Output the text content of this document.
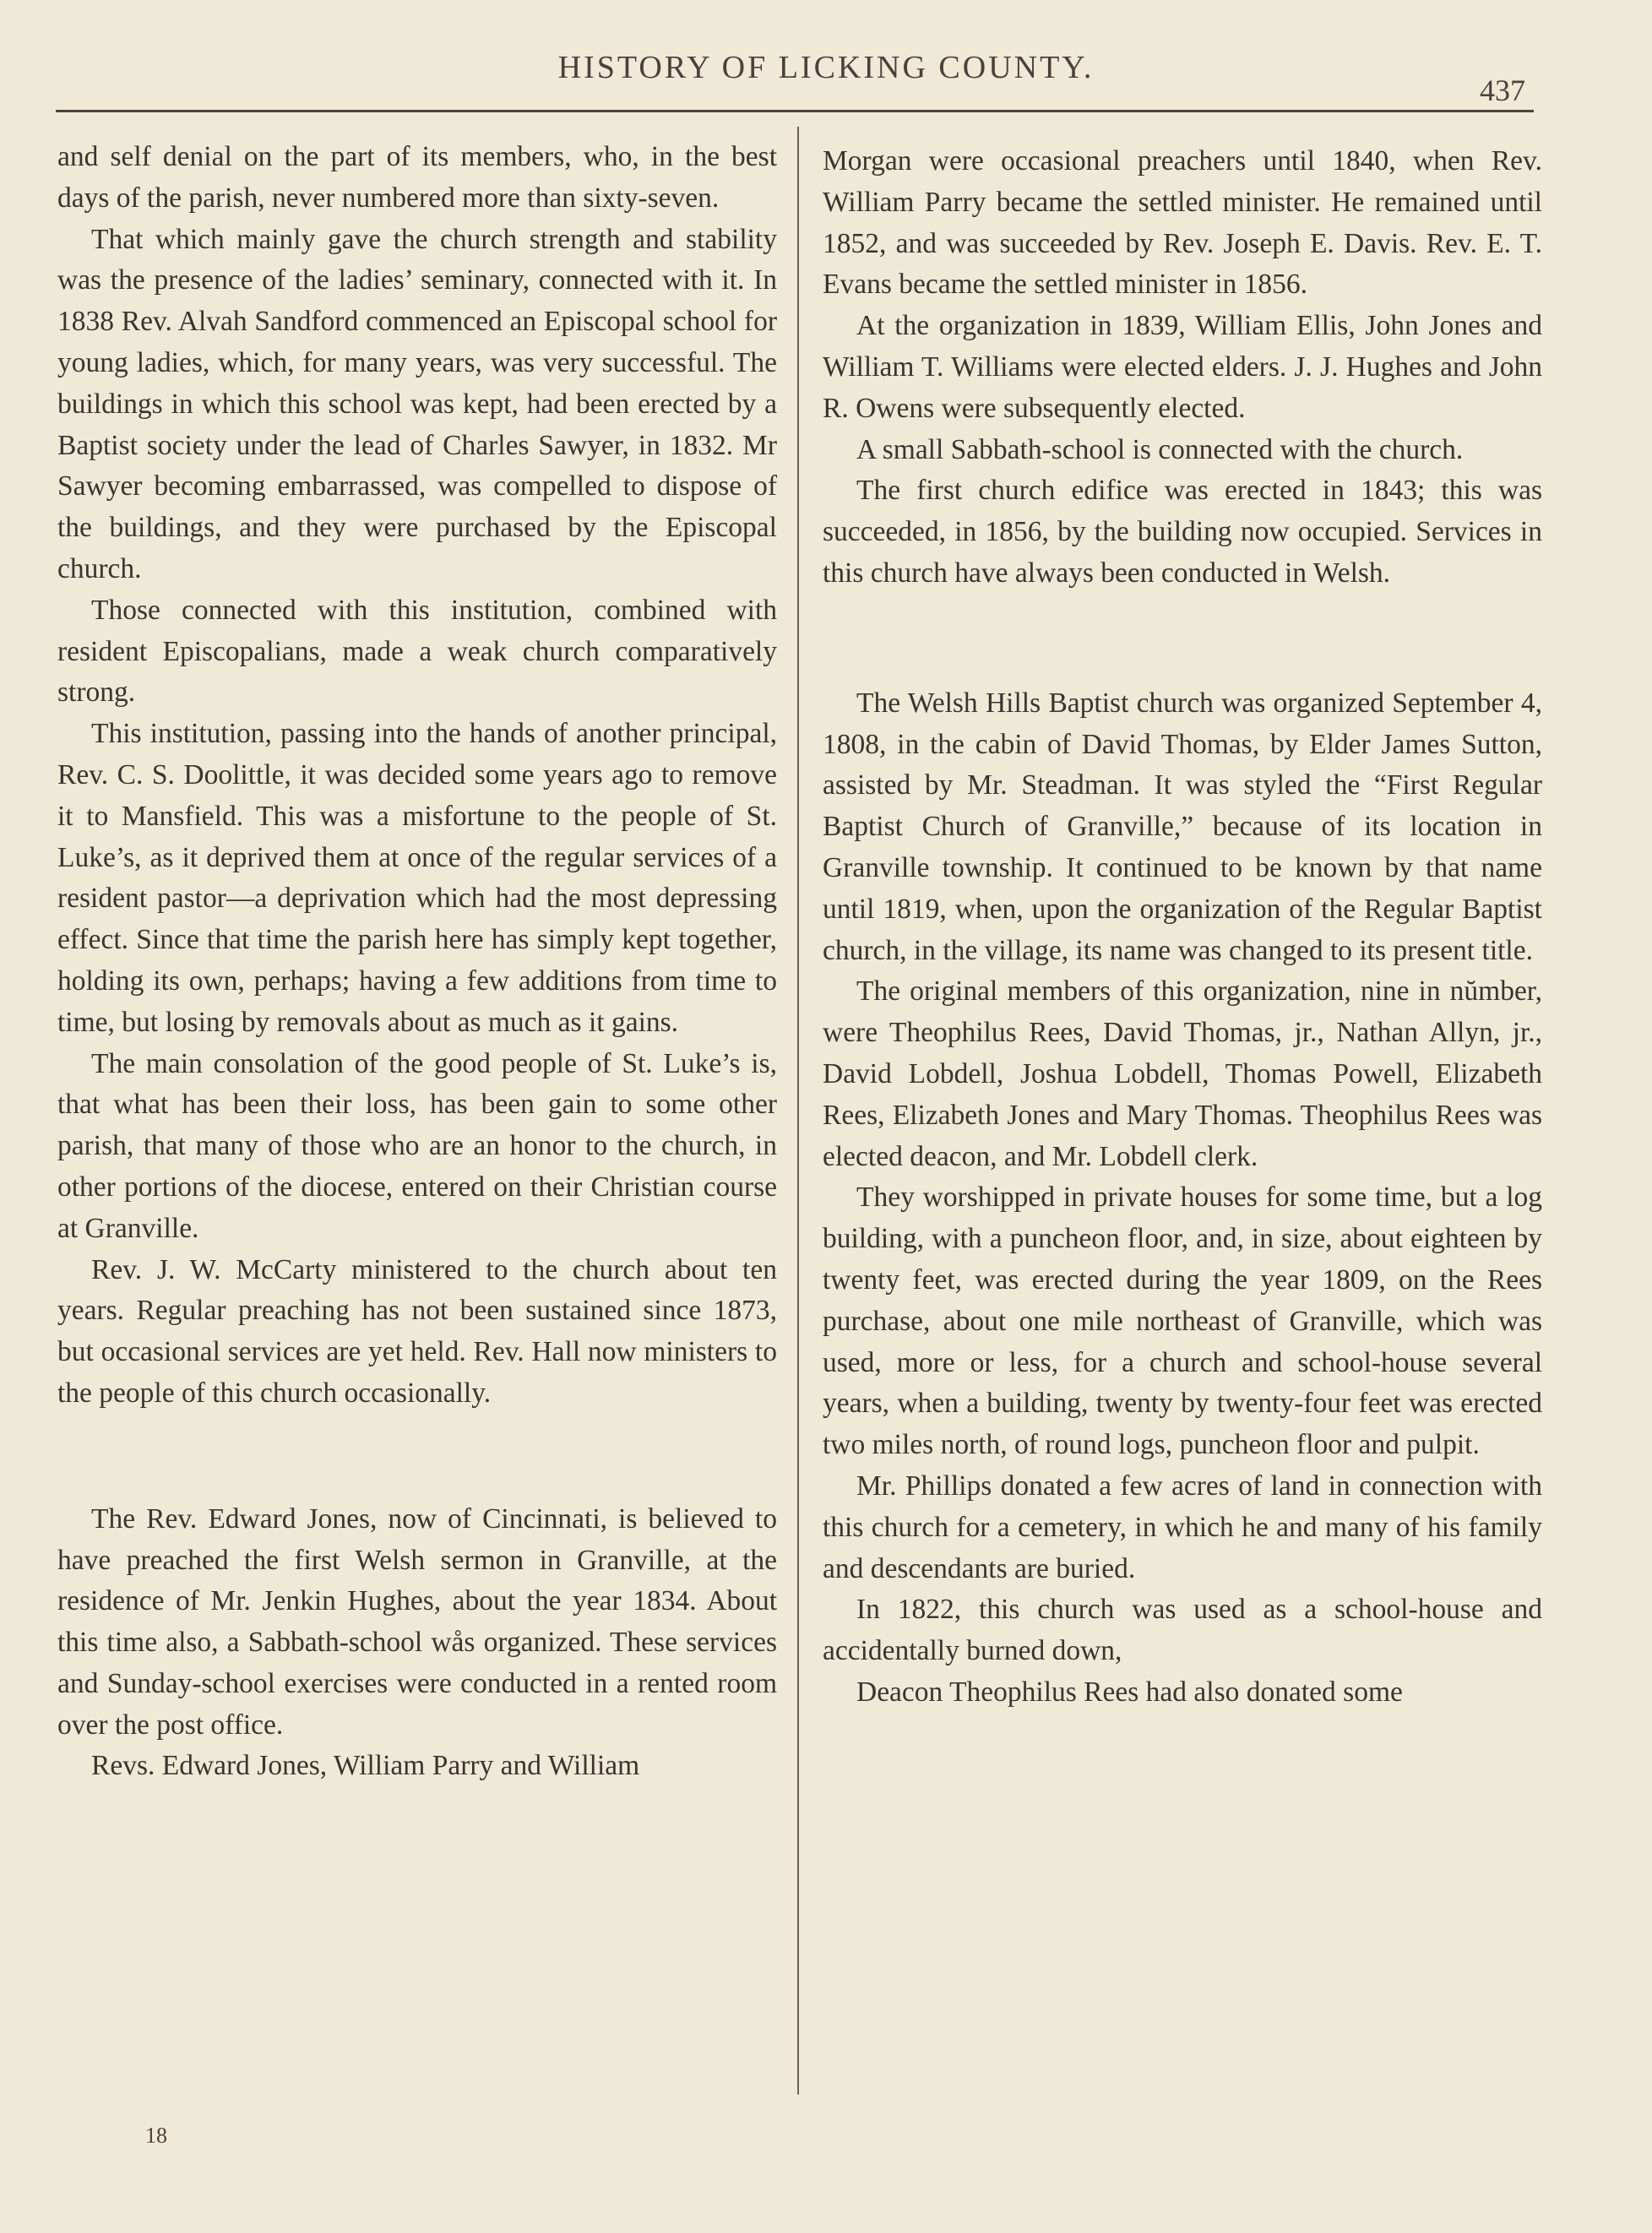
HISTORY OF LICKING COUNTY.
437

and self denial on the part of its members, who, in the best days of the parish, never numbered more than sixty-seven.

That which mainly gave the church strength and stability was the presence of the ladies’ seminary, connected with it. In 1838 Rev. Alvah Sandford commenced an Episcopal school for young ladies, which, for many years, was very successful. The buildings in which this school was kept, had been erected by a Baptist society under the lead of Charles Sawyer, in 1832. Mr Sawyer becoming embarrassed, was compelled to dispose of the buildings, and they were purchased by the Episcopal church.

Those connected with this institution, combined with resident Episcopalians, made a weak church comparatively strong.

This institution, passing into the hands of another principal, Rev. C. S. Doolittle, it was decided some years ago to remove it to Mansfield. This was a misfortune to the people of St. Luke’s, as it deprived them at once of the regular services of a resident pastor—a deprivation which had the most depressing effect. Since that time the parish here has simply kept together, holding its own, perhaps; having a few additions from time to time, but losing by removals about as much as it gains.

The main consolation of the good people of St. Luke’s is, that what has been their loss, has been gain to some other parish, that many of those who are an honor to the church, in other portions of the diocese, entered on their Christian course at Granville.

Rev. J. W. McCarty ministered to the church about ten years. Regular preaching has not been sustained since 1873, but occasional services are yet held. Rev. Hall now ministers to the people of this church occasionally.

The Rev. Edward Jones, now of Cincinnati, is believed to have preached the first Welsh sermon in Granville, at the residence of Mr. Jenkin Hughes, about the year 1834. About this time also, a Sabbath-school wås organized. These services and Sunday-school exercises were conducted in a rented room over the post office.

Revs. Edward Jones, William Parry and William

Morgan were occasional preachers until 1840, when Rev. William Parry became the settled minister. He remained until 1852, and was succeeded by Rev. Joseph E. Davis. Rev. E. T. Evans became the settled minister in 1856.

At the organization in 1839, William Ellis, John Jones and William T. Williams were elected elders. J. J. Hughes and John R. Owens were subsequently elected.

A small Sabbath-school is connected with the church.

The first church edifice was erected in 1843; this was succeeded, in 1856, by the building now occupied. Services in this church have always been conducted in Welsh.

The Welsh Hills Baptist church was organized September 4, 1808, in the cabin of David Thomas, by Elder James Sutton, assisted by Mr. Steadman. It was styled the “First Regular Baptist Church of Granville,” because of its location in Granville township. It continued to be known by that name until 1819, when, upon the organization of the Regular Baptist church, in the village, its name was changed to its present title.

The original members of this organization, nine in nŭmber, were Theophilus Rees, David Thomas, jr., Nathan Allyn, jr., David Lobdell, Joshua Lobdell, Thomas Powell, Elizabeth Rees, Elizabeth Jones and Mary Thomas. Theophilus Rees was elected deacon, and Mr. Lobdell clerk.

They worshipped in private houses for some time, but a log building, with a puncheon floor, and, in size, about eighteen by twenty feet, was erected during the year 1809, on the Rees purchase, about one mile northeast of Granville, which was used, more or less, for a church and school-house several years, when a building, twenty by twenty-four feet was erected two miles north, of round logs, puncheon floor and pulpit.

Mr. Phillips donated a few acres of land in connection with this church for a cemetery, in which he and many of his family and descendants are buried.

In 1822, this church was used as a school-house and accidentally burned down,

Deacon Theophilus Rees had also donated some

18
